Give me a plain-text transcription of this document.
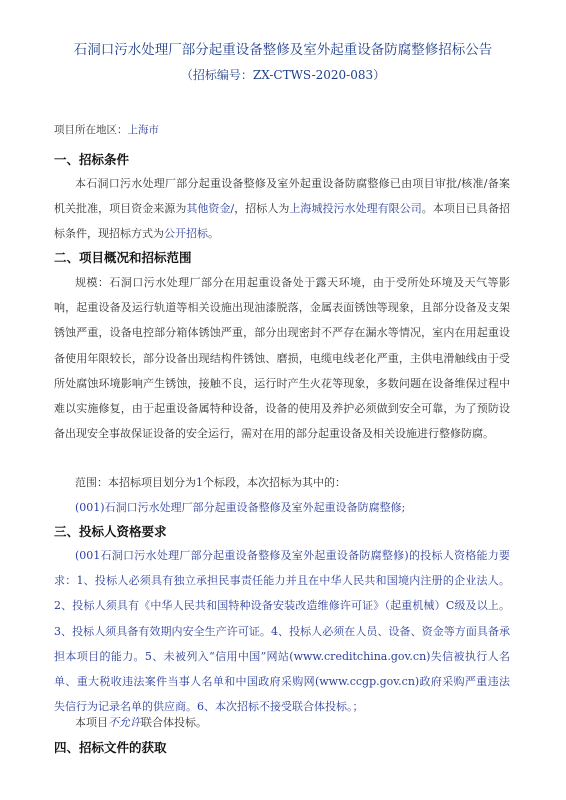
石洞口污水处理厂部分起重设备整修及室外起重设备防腐整修招标公告
（招标编号：ZX-CTWS-2020-083）
项目所在地区：上海市
一、招标条件

本石洞口污水处理厂部分起重设备整修及室外起重设备防腐整修已由项目审批/核准/备案机关批准，项目资金来源为其他资金/，招标人为上海城投污水处理有限公司。本项目已具备招标条件，现招标方式为公开招标。

二、项目概况和招标范围

规模：石洞口污水处理厂部分在用起重设备处于露天环境，由于受所处环境及天气等影响，起重设备及运行轨道等相关设施出现油漆脱落，金属表面锈蚀等现象，且部分设备及支架锈蚀严重，设备电控部分箱体锈蚀严重，部分出现密封不严存在漏水等情况，室内在用起重设备使用年限较长，部分设备出现结构件锈蚀、磨损，电缆电线老化严重，主供电滑触线由于受所处腐蚀环境影响产生锈蚀，接触不良，运行时产生火花等现象，多数问题在设备维保过程中难以实施修复，由于起重设备属特种设备，设备的使用及养护必须做到安全可靠，为了预防设备出现安全事故保证设备的安全运行，需对在用的部分起重设备及相关设施进行整修防腐。

范围：本招标项目划分为1个标段，本次招标为其中的：

(001)石洞口污水处理厂部分起重设备整修及室外起重设备防腐整修;

三、投标人资格要求

(001石洞口污水处理厂部分起重设备整修及室外起重设备防腐整修)的投标人资格能力要求：1、投标人必须具有独立承担民事责任能力并且在中华人民共和国境内注册的企业法人。2、投标人须具有《中华人民共和国特种设备安装改造维修许可证》（起重机械）C级及以上。3、投标人须具备有效期内安全生产许可证。4、投标人必须在人员、设备、资金等方面具备承担本项目的能力。5、未被列入“信用中国”网站(www.creditchina.gov.cn)失信被执行人名单、重大税收违法案件当事人名单和中国政府采购网(www.ccgp.gov.cn)政府采购严重违法失信行为记录名单的供应商。6、本次招标不接受联合体投标。；

本项目不允许联合体投标。

四、招标文件的获取
